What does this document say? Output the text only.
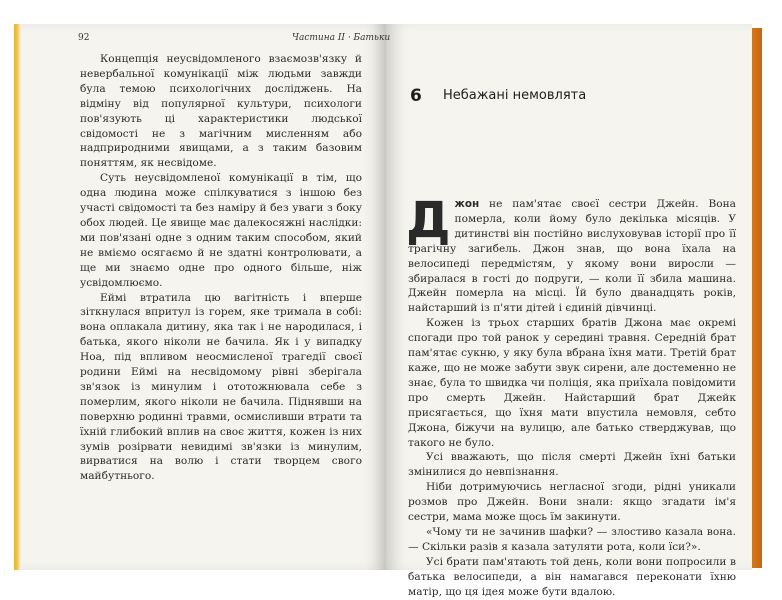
92	Частина II · Батьки

Концепція неусвідомленого взаємозв'язку й невербальної комунікації між людьми завжди була темою психологічних досліджень. На відміну від популярної культури, психологи пов'язують ці характеристики людської свідомості не з магічним мисленням або надприродними явищами, а з таким базовим поняттям, як несвідоме.

Суть неусвідомленої комунікації в тім, що одна людина може спілкуватися з іншою без участі свідомості та без наміру й без уваги з боку обох людей. Це явище має далекосяжні наслідки: ми пов'язані одне з одним таким способом, який не вміємо осягаємо й не здатні контролювати, а ще ми знаємо одне про одного більше, ніж усвідомлюємо.

Еймі втратила цю вагітність і вперше зіткнулася впритул із горем, яке тримала в собі: вона оплакала дитину, яка так і не народилася, і батька, якого ніколи не бачила. Як і у випадку Ноа, під впливом неосмисленої трагедії своєї родини Еймі на несвідомому рівні зберігала зв'язок із минулим і ототожнювала себе з померлим, якого ніколи не бачила. Піднявши на поверхню родинні травми, осмисливши втрати та їхній глибокий вплив на своє життя, кожен із них зумів розірвати невидимі зв'язки із минулим, вирватися на волю і стати творцем свого майбутнього.

6 Небажані немовлята

Д жон не пам'ятає своєї сестри Джейн. Вона померла, коли йому було декілька місяців. У дитинстві він постійно вислуховував історії про її трагічну загибель. Джон знав, що вона їхала на велосипеді передмістям, у якому вони виросли — збиралася в гості до подруги, — коли її збила машина. Джейн померла на місці. Їй було дванадцять років, найстарший із п'яти дітей і єдиній дівчинці.

Кожен із трьох старших братів Джона має окремі спогади про той ранок у середині травня. Середній брат пам'ятає сукню, у яку була вбрана їхня мати. Третій брат каже, що не може забути звук сирени, але достеменно не знає, була то швидка чи поліція, яка приїхала повідомити про смерть Джейн. Найстарший брат Джейк присягається, що їхня мати впустила немовля, себто Джона, біжучи на вулицю, але батько стверджував, що такого не було.

Усі вважають, що після смерті Джейн їхні батьки змінилися до невпізнання.

Ніби дотримуючись негласної згоди, рідні уникали розмов про Джейн. Вони знали: якщо згадати ім'я сестри, мама може щось їм закинути.

«Чому ти не зачинив шафки? — злостиво казала вона. — Скільки разів я казала затуляти рота, коли їси?».

Усі брати пам'ятають той день, коли вони попросили в батька велосипеди, а він намагався переконати їхню матір, що ця ідея може бути вдалою.
